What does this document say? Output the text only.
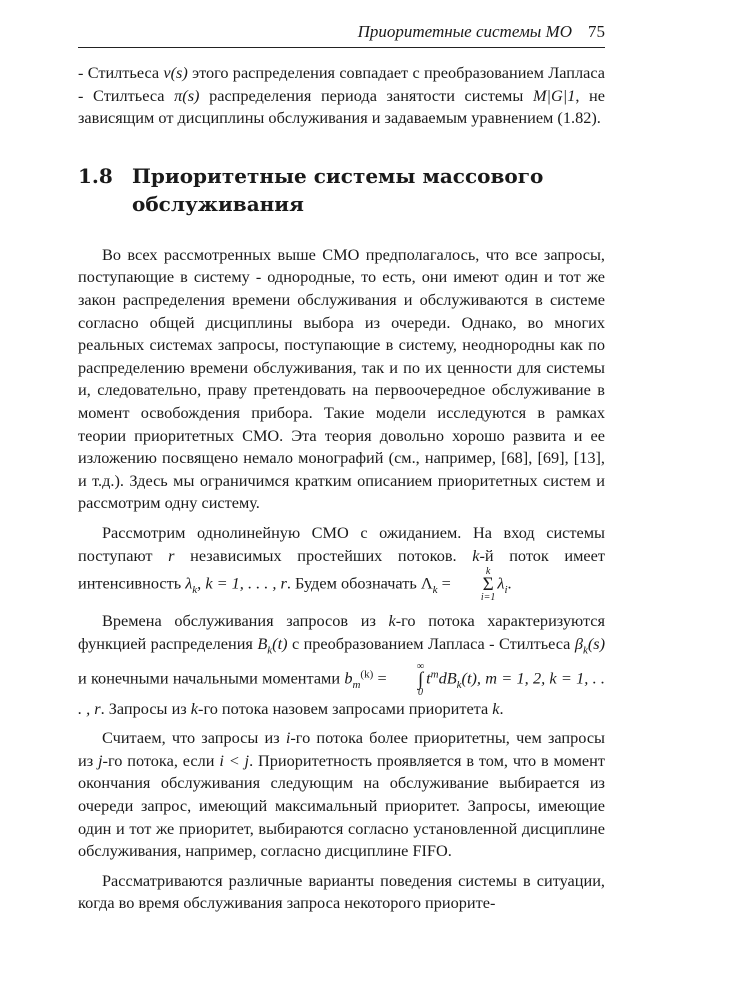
Приоритетные системы МО 75

- Стилтьеса v(s) этого распределения совпадает с преобразованием Лапласа - Стилтьеса π(s) распределения периода занятости системы M|G|1, не зависящим от дисциплины обслуживания и задаваемым уравнением (1.82).

1.8 Приоритетные системы массового обслуживания

Во всех рассмотренных выше СМО предполагалось, что все запросы, поступающие в систему - однородные, то есть, они имеют один и тот же закон распределения времени обслуживания и обслуживаются в системе согласно общей дисциплины выбора из очереди. Однако, во многих реальных системах запросы, поступающие в систему, неоднородны как по распределению времени обслуживания, так и по их ценности для системы и, следовательно, праву претендовать на первоочередное обслуживание в момент освобождения прибора. Такие модели исследуются в рамках теории приоритетных СМО. Эта теория довольно хорошо развита и ее изложению посвящено немало монографий (см., например, [68], [69], [13], и т.д.). Здесь мы ограничимся кратким описанием приоритетных систем и рассмотрим одну систему.

Рассмотрим однолинейную СМО с ожиданием. На вход системы поступают r независимых простейших потоков. k-й поток имеет интенсивность $\lambda_k$, k = 1, . . . , r. Будем обозначать $\Lambda_k$ =
k
Σ
i=1
$\lambda_i$.

Времена обслуживания запросов из k-го потока характеризуются функцией распределения $B_k(t)$ с преобразованием Лапласа - Стилтьеса $\beta_k(s)$ и конечными начальными моментами $b_m^{(k)}$ =
∞
∫
0
$t^mdB_k(t)$, m = 1, 2, k = 1, . . . , r. Запросы из k-го потока назовем запросами приоритета k.

Считаем, что запросы из i-го потока более приоритетны, чем запросы из j-го потока, если i < j. Приоритетность проявляется в том, что в момент окончания обслуживания следующим на обслуживание выбирается из очереди запрос, имеющий максимальный приоритет. Запросы, имеющие один и тот же приоритет, выбираются согласно установленной дисциплине обслуживания, например, согласно дисциплине FIFO.

Рассматриваются различные варианты поведения системы в ситуации, когда во время обслуживания запроса некоторого приорите-
